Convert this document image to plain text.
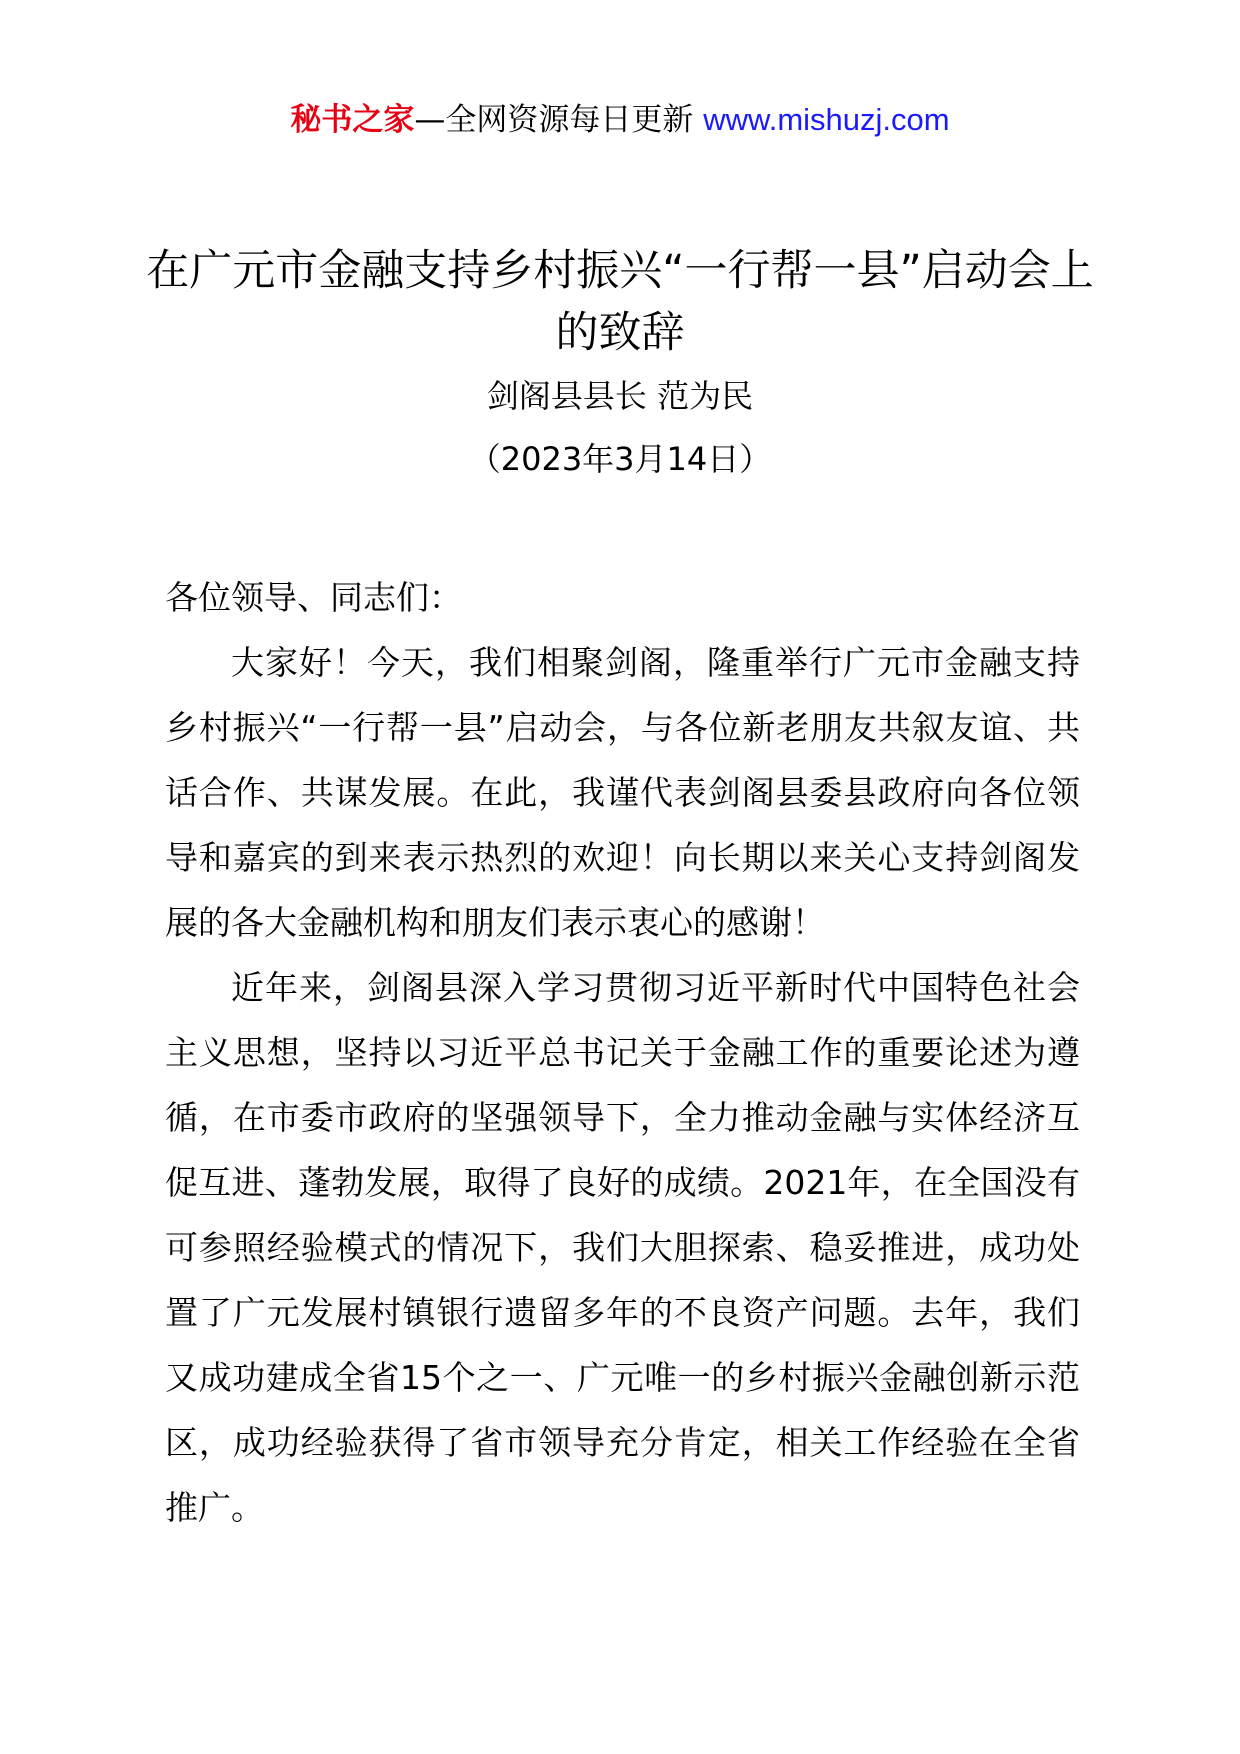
秘书之家—全网资源每日更新 www.mishuzj.com
在广元市金融支持乡村振兴“一行帮一县”启动会上的致辞
剑阁县县长 范为民
（2023年3月14日）

各位领导、同志们：

大家好！今天，我们相聚剑阁，隆重举行广元市金融支持乡村振兴“一行帮一县”启动会，与各位新老朋友共叙友谊、共话合作、共谋发展。在此，我谨代表剑阁县委县政府向各位领导和嘉宾的到来表示热烈的欢迎！向长期以来关心支持剑阁发展的各大金融机构和朋友们表示衷心的感谢！

近年来，剑阁县深入学习贯彻习近平新时代中国特色社会主义思想，坚持以习近平总书记关于金融工作的重要论述为遵循，在市委市政府的坚强领导下，全力推动金融与实体经济互促互进、蓬勃发展，取得了良好的成绩。2021年，在全国没有可参照经验模式的情况下，我们大胆探索、稳妥推进，成功处置了广元发展村镇银行遗留多年的不良资产问题。去年，我们又成功建成全省15个之一、广元唯一的乡村振兴金融创新示范区，成功经验获得了省市领导充分肯定，相关工作经验在全省推广。
